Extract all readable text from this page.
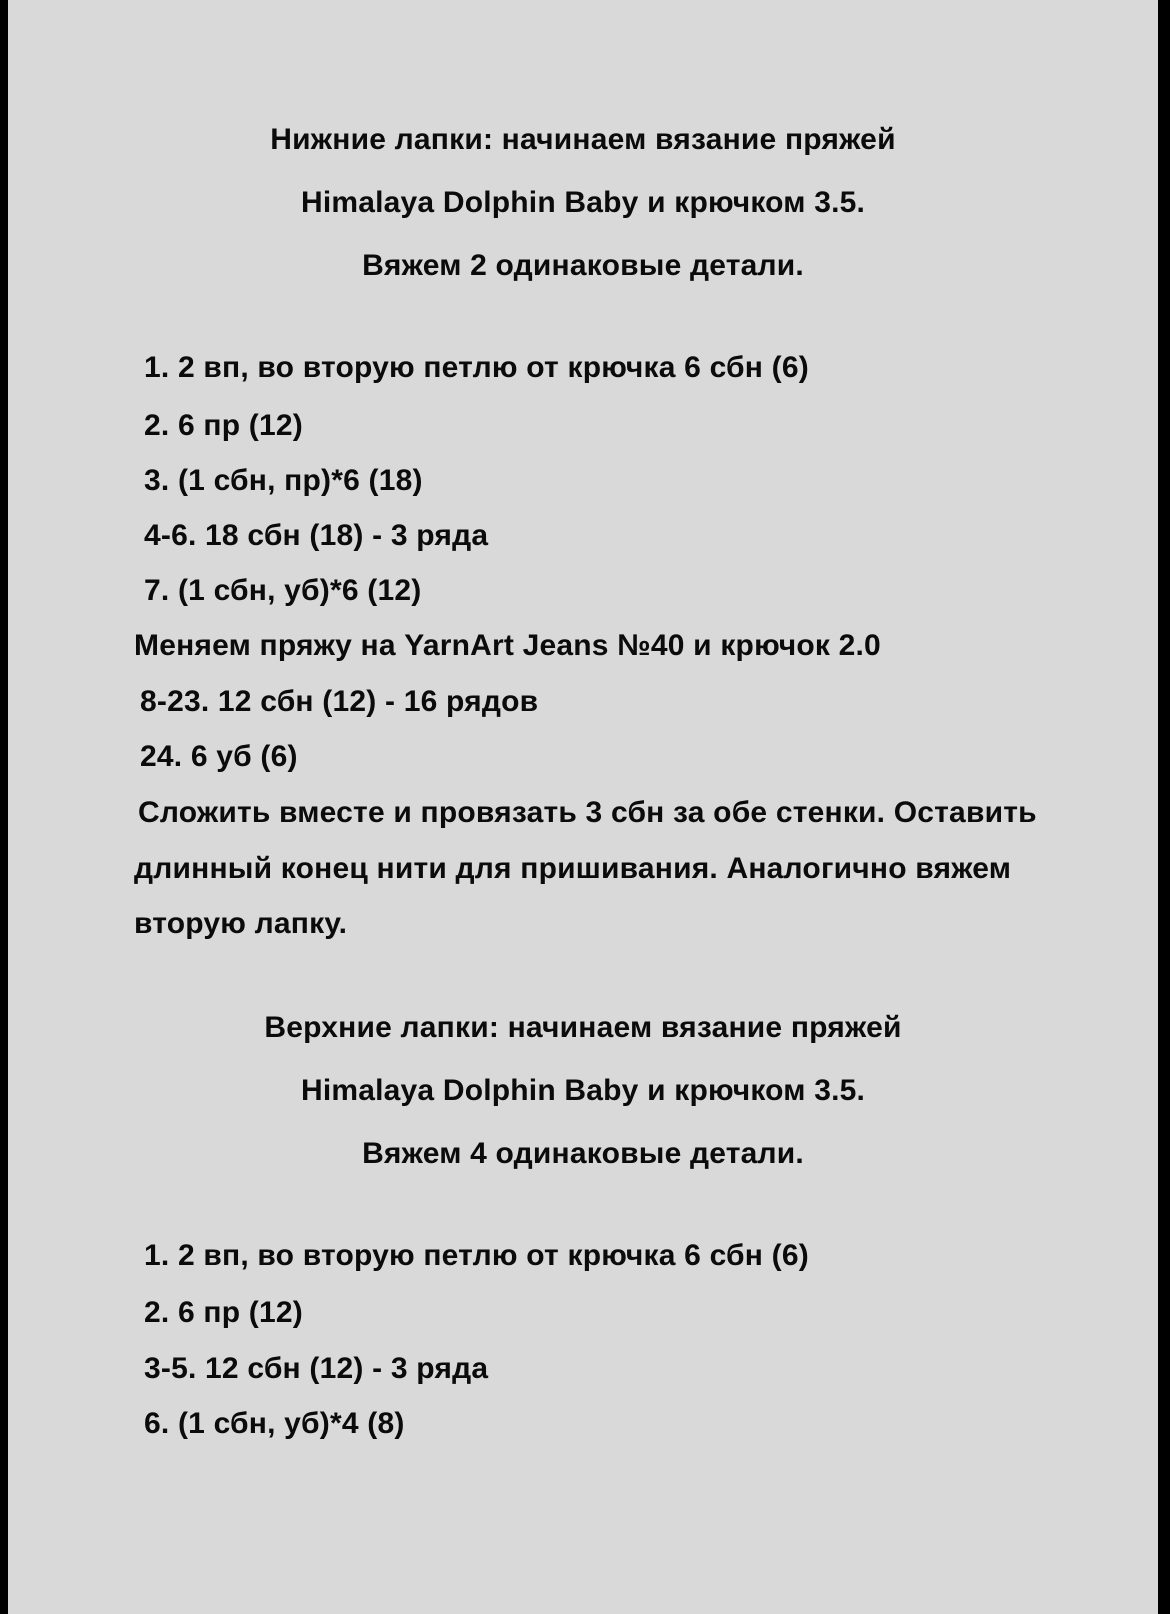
Нижние лапки: начинаем вязание пряжей
Himalaya Dolphin Baby и крючком 3.5.
Вяжем 2 одинаковые детали.
1. 2 вп, во вторую петлю от крючка 6 сбн (6)
2. 6 пр (12)
3. (1 сбн, пр)*6 (18)
4-6. 18 сбн (18) - 3 ряда
7. (1 сбн, уб)*6 (12)
Меняем пряжу на YarnArt Jeans №40 и крючок 2.0
8-23. 12 сбн (12) - 16 рядов
24. 6 уб (6)
Сложить вместе и провязать 3 сбн за обе стенки. Оставить
длинный конец нити для пришивания. Аналогично вяжем
вторую лапку.
Верхние лапки: начинаем вязание пряжей
Himalaya Dolphin Baby и крючком 3.5.
Вяжем 4 одинаковые детали.
1. 2 вп, во вторую петлю от крючка 6 сбн (6)
2. 6 пр (12)
3-5. 12 сбн (12) - 3 ряда
6. (1 сбн, уб)*4 (8)
